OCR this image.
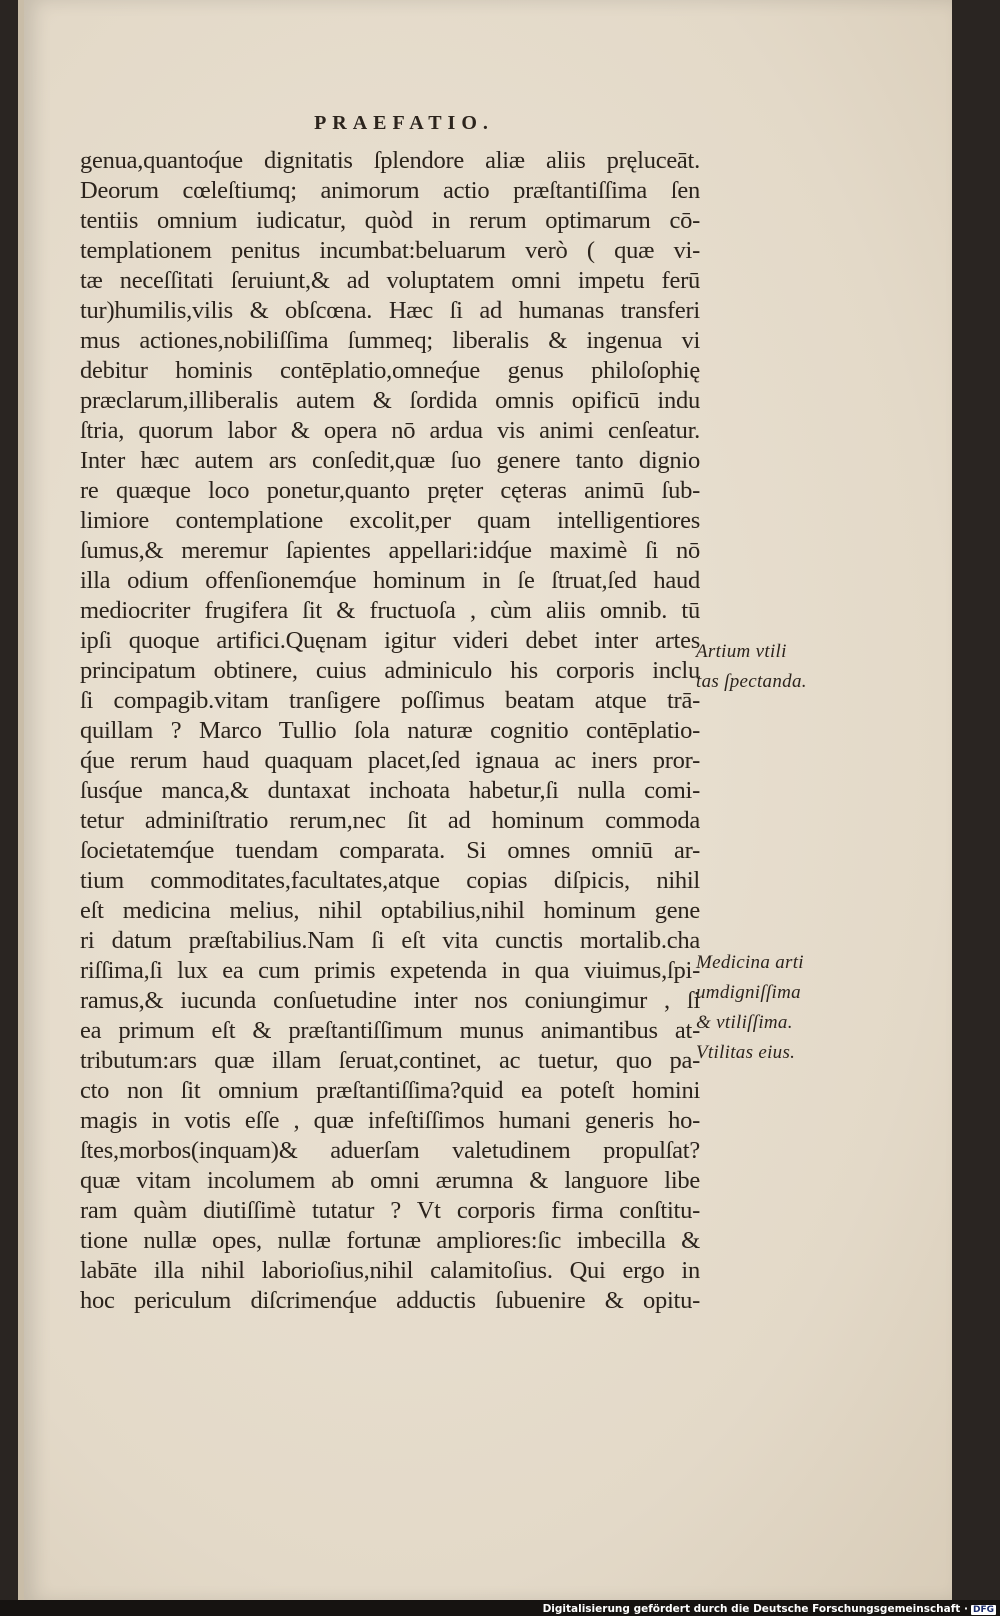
PRAEFATIO.
genua,quantoq́ue dignitatis ſplendore aliæ aliis pręluceāt.
Deorum cœleſtiumq; animorum actio præſtantiſſima ſen
tentiis omnium iudicatur, quòd in rerum optimarum cō-
templationem penitus incumbat:beluarum verò ( quæ vi-
tæ neceſſitati ſeruiunt,& ad voluptatem omni impetu ferū
tur)humilis,vilis & obſcœna. Hæc ſi ad humanas transferi
mus actiones,nobiliſſima ſummeq; liberalis & ingenua vi
debitur hominis contēplatio,omneq́ue genus philoſophię
præclarum,illiberalis autem & ſordida omnis opificū indu
ſtria, quorum labor & opera nō ardua vis animi cenſeatur.
Inter hæc autem ars conſedit,quæ ſuo genere tanto dignio
re quæque loco ponetur,quanto pręter cęteras animū ſub-
limiore contemplatione excolit,per quam intelligentiores
ſumus,& meremur ſapientes appellari:idq́ue maximè ſi nō
illa odium offenſionemq́ue hominum in ſe ſtruat,ſed haud
mediocriter frugifera ſit & fructuoſa , cùm aliis omnib. tū
ipſi quoque artifici.Quęnam igitur videri debet inter artes
principatum obtinere, cuius adminiculo his corporis inclu
ſi compagib.vitam tranſigere poſſimus beatam atque trā-
quillam ? Marco Tullio ſola naturæ cognitio contēplatio-
q́ue rerum haud quaquam placet,ſed ignaua ac iners pror-
ſusq́ue manca,& duntaxat inchoata habetur,ſi nulla comi-
tetur adminiſtratio rerum,nec ſit ad hominum commoda
ſocietatemq́ue tuendam comparata. Si omnes omniū ar-
tium commoditates,facultates,atque copias diſpicis, nihil
eſt medicina melius, nihil optabilius,nihil hominum gene
ri datum præſtabilius.Nam ſi eſt vita cunctis mortalib.cha
riſſima,ſi lux ea cum primis expetenda in qua viuimus,ſpi-
ramus,& iucunda conſuetudine inter nos coniungimur , ſi
ea primum eſt & præſtantiſſimum munus animantibus at-
tributum:ars quæ illam ſeruat,continet, ac tuetur, quo pa-
cto non ſit omnium præſtantiſſima?quid ea poteſt homini
magis in votis eſſe , quæ infeſtiſſimos humani generis ho-
ſtes,morbos(inquam)& aduerſam valetudinem propulſat?
quæ vitam incolumem ab omni ærumna & languore libe
ram quàm diutiſſimè tutatur ? Vt corporis firma conſtitu-
tione nullæ opes, nullæ fortunæ ampliores:ſic imbecilla &
labāte illa nihil laborioſius,nihil calamitoſius. Qui ergo in
hoc periculum diſcrimenq́ue adductis ſubuenire & opitu-
Artium vtili
tas ſpectanda.
Medicina arti
umdigniſſima
& vtiliſſima.
Vtilitas eius.
Digitalisierung gefördert durch die Deutsche Forschungsgemeinschaft · DFG
